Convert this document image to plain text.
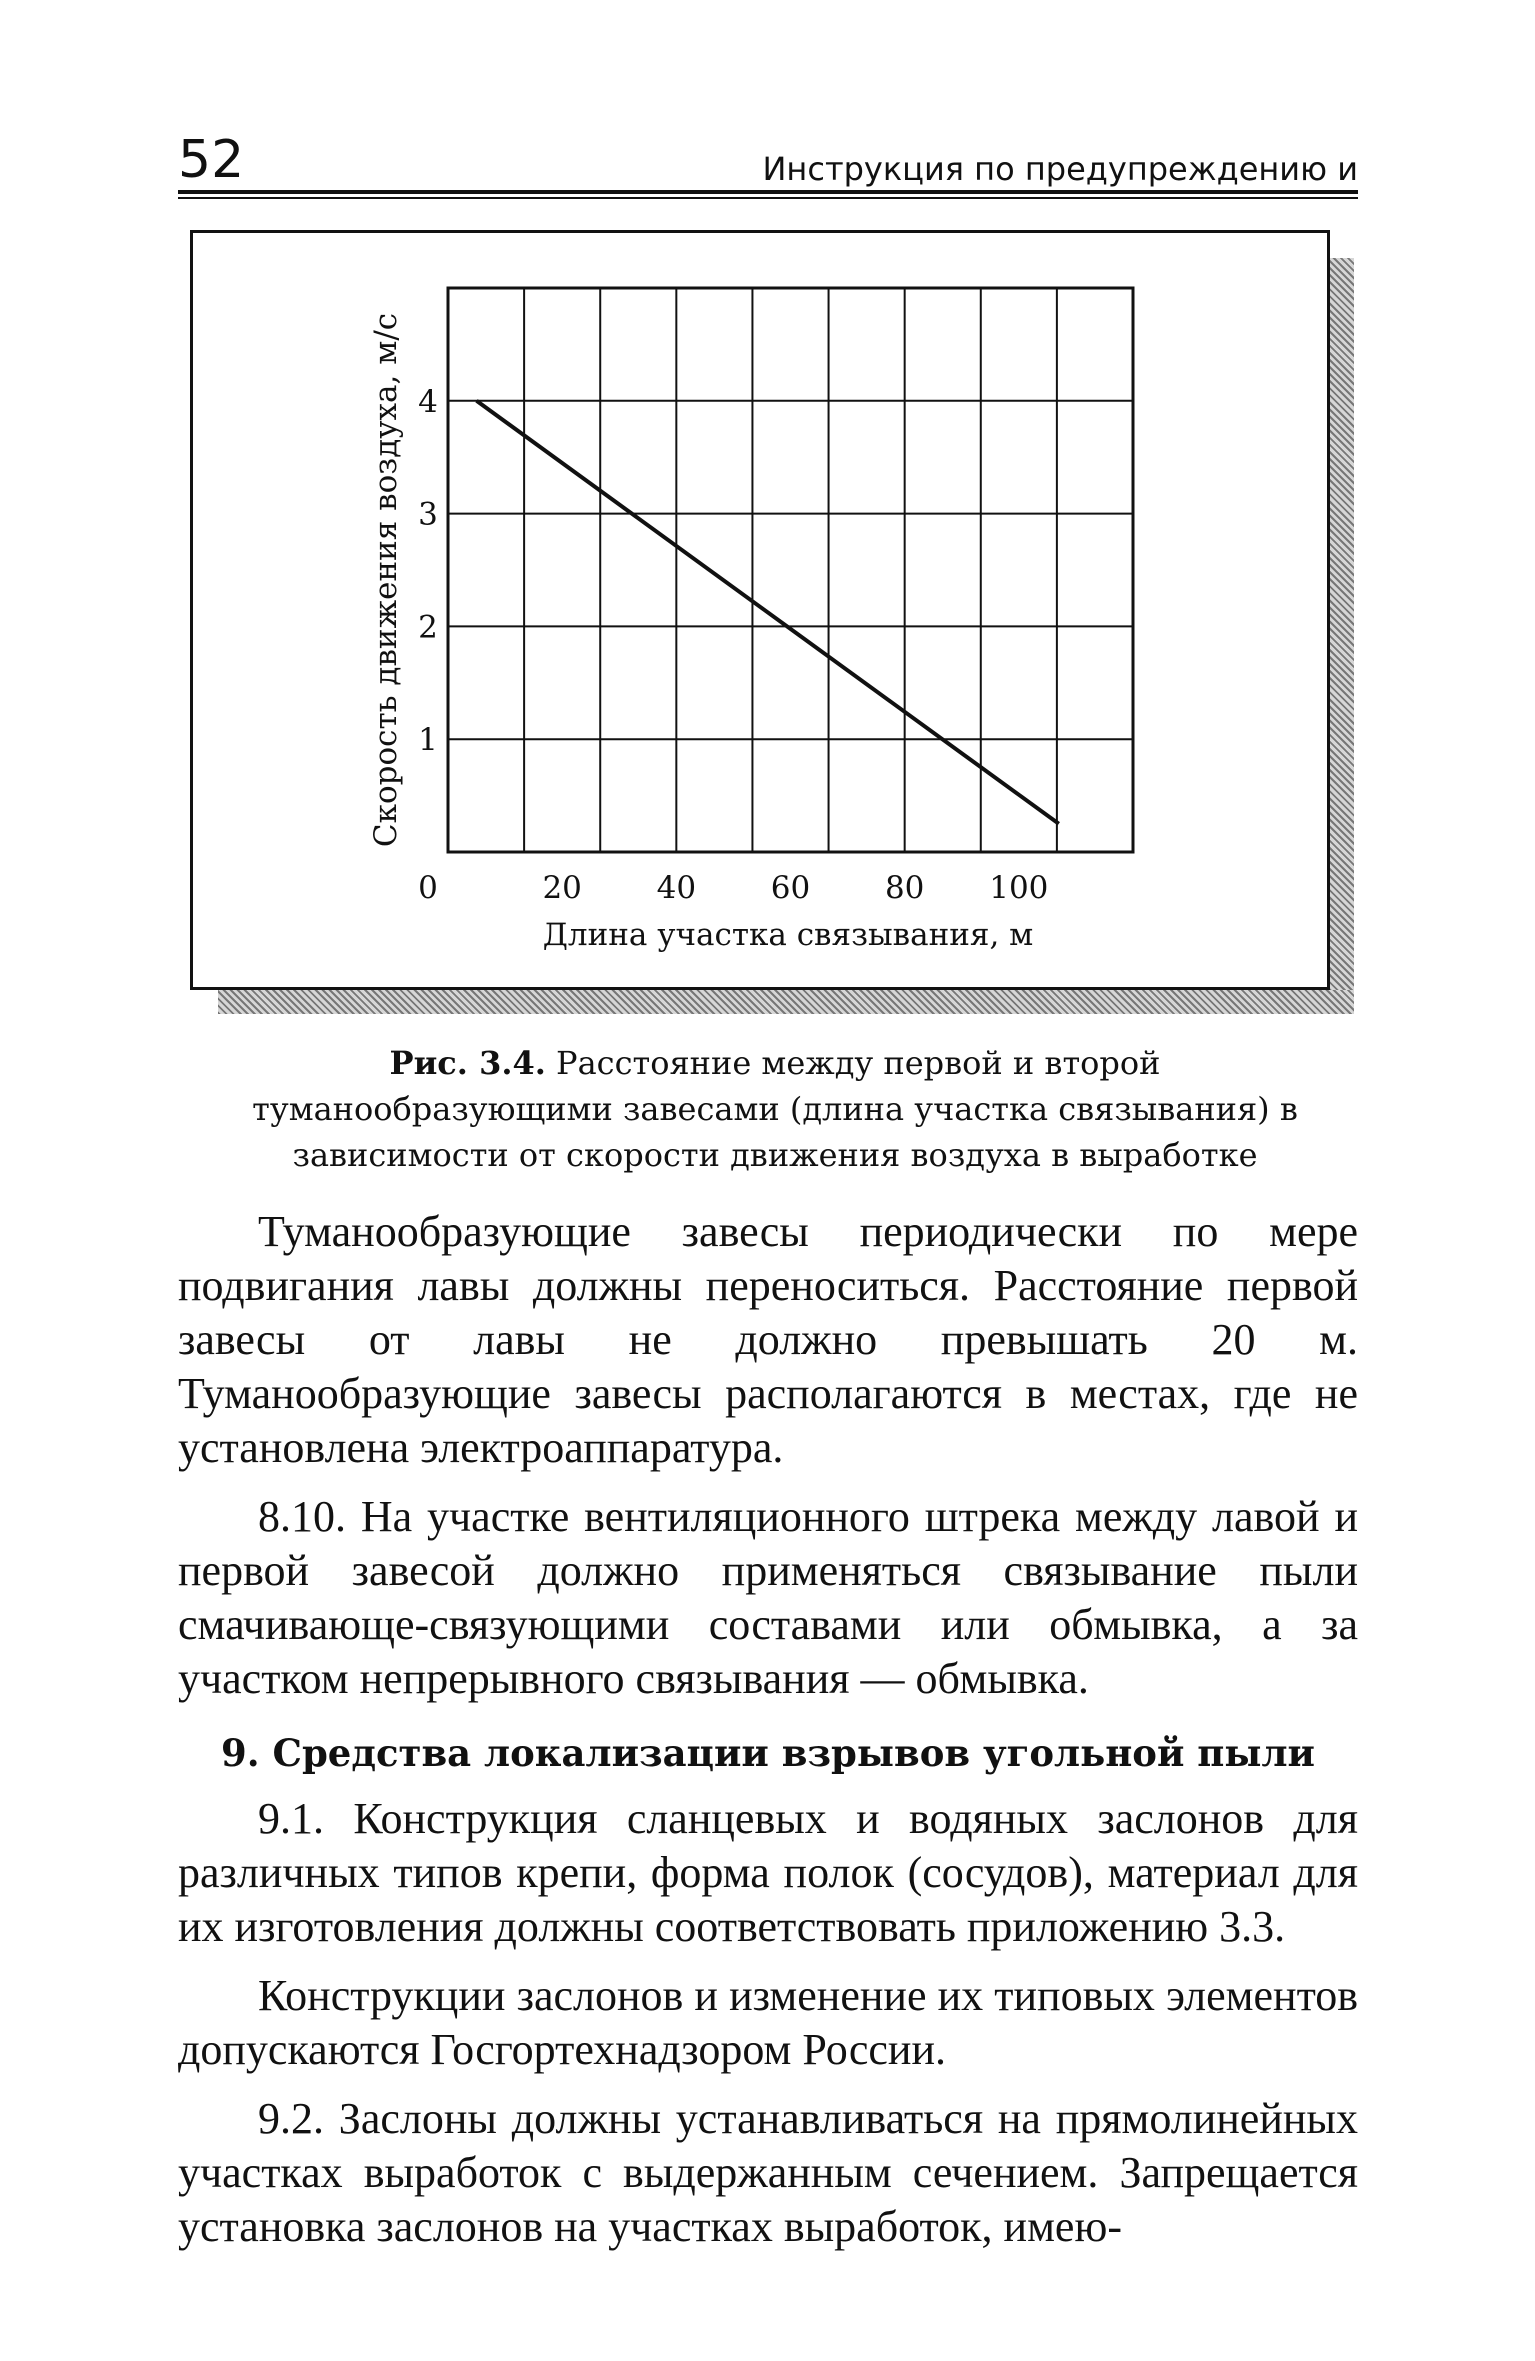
52	Инструкция по предупреждению и
0	20 40 60 80 100
1
2
3
4
Длина участка связывания, м
Скорость движения воздуха, м/с
Рис. 3.4. Расстояние между первой и второй туманообразующими завесами (длина участка связывания) в зависимости от скорости движения воздуха в выработке

Туманообразующие завесы периодически по мере подвигания лавы должны переноситься. Расстояние первой завесы от лавы не должно превышать 20 м. Туманообразующие завесы располагаются в местах, где не установлена электроаппаратура.

8.10. На участке вентиляционного штрека между лавой и первой завесой должно применяться связывание пыли смачивающе-связующими составами или обмывка, а за участком непрерывного связывания — обмывка.

9. Средства локализации взрывов угольной пыли

9.1. Конструкция сланцевых и водяных заслонов для различных типов крепи, форма полок (сосудов), материал для их изготовления должны соответствовать приложению 3.3.

Конструкции заслонов и изменение их типовых элементов допускаются Госгортехнадзором России.

9.2. Заслоны должны устанавливаться на прямолинейных участках выработок с выдержанным сечением. Запрещается установка заслонов на участках выработок, имею-
